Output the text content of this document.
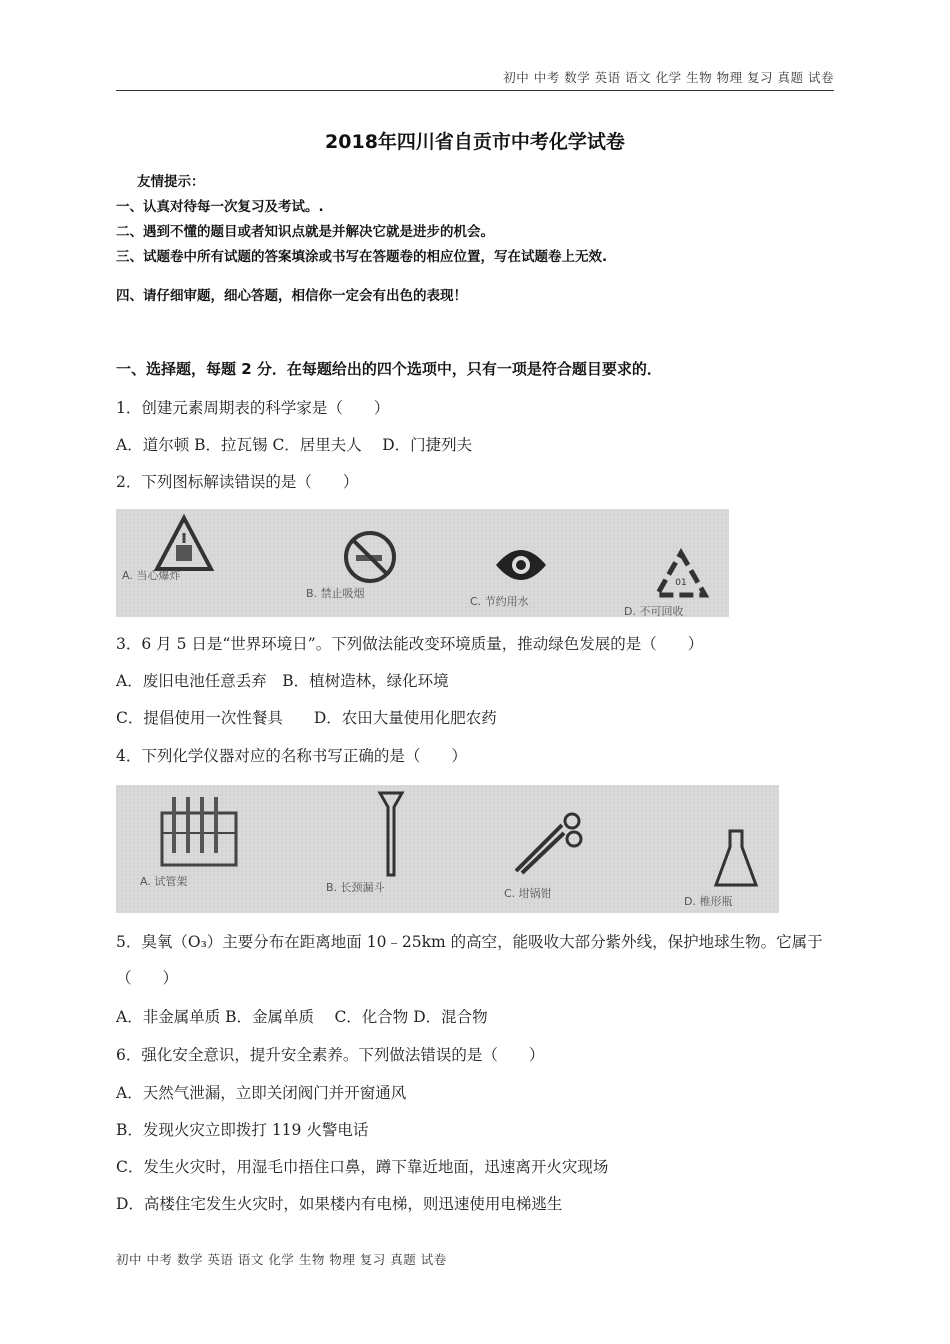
初中 中考 数学 英语 语文 化学 生物 物理 复习 真题 试卷
2018年四川省自贡市中考化学试卷
友情提示：
一、认真对待每一次复习及考试。.
二、遇到不懂的题目或者知识点就是并解决它就是进步的机会。
三、试题卷中所有试题的答案填涂或书写在答题卷的相应位置，写在试题卷上无效.
四、请仔细审题，细心答题，相信你一定会有出色的表现！
一、选择题，每题 2 分．在每题给出的四个选项中，只有一项是符合题目要求的．
1．创建元素周期表的科学家是（　　）
A．道尔顿 B．拉瓦锡 C．居里夫人　 D．门捷列夫
2．下列图标解读错误的是（　　）
A. 当心爆炸
B. 禁止吸烟
C. 节约用水
01
D. 不可回收
3．6 月 5 日是“世界环境日”。下列做法能改变环境质量，推动绿色发展的是（　　）
A．废旧电池任意丢弃　B．植树造林，绿化环境
C．提倡使用一次性餐具　　D．农田大量使用化肥农药
4．下列化学仪器对应的名称书写正确的是（　　）
A. 试管架	B. 长颈漏斗	C. 坩锅钳
D. 椎形瓶
5．臭氧（O₃）主要分布在距离地面 10﹣25km 的高空，能吸收大部分紫外线，保护地球生物。它属于（　　）
A．非金属单质 B．金属单质　 C．化合物 D．混合物
6．强化安全意识，提升安全素养。下列做法错误的是（　　）
A．天然气泄漏，立即关闭阀门并开窗通风
B．发现火灾立即拨打 119 火警电话
C．发生火灾时，用湿毛巾捂住口鼻，蹲下靠近地面，迅速离开火灾现场
D．高楼住宅发生火灾时，如果楼内有电梯，则迅速使用电梯逃生
初中 中考 数学 英语 语文 化学 生物 物理 复习 真题 试卷
